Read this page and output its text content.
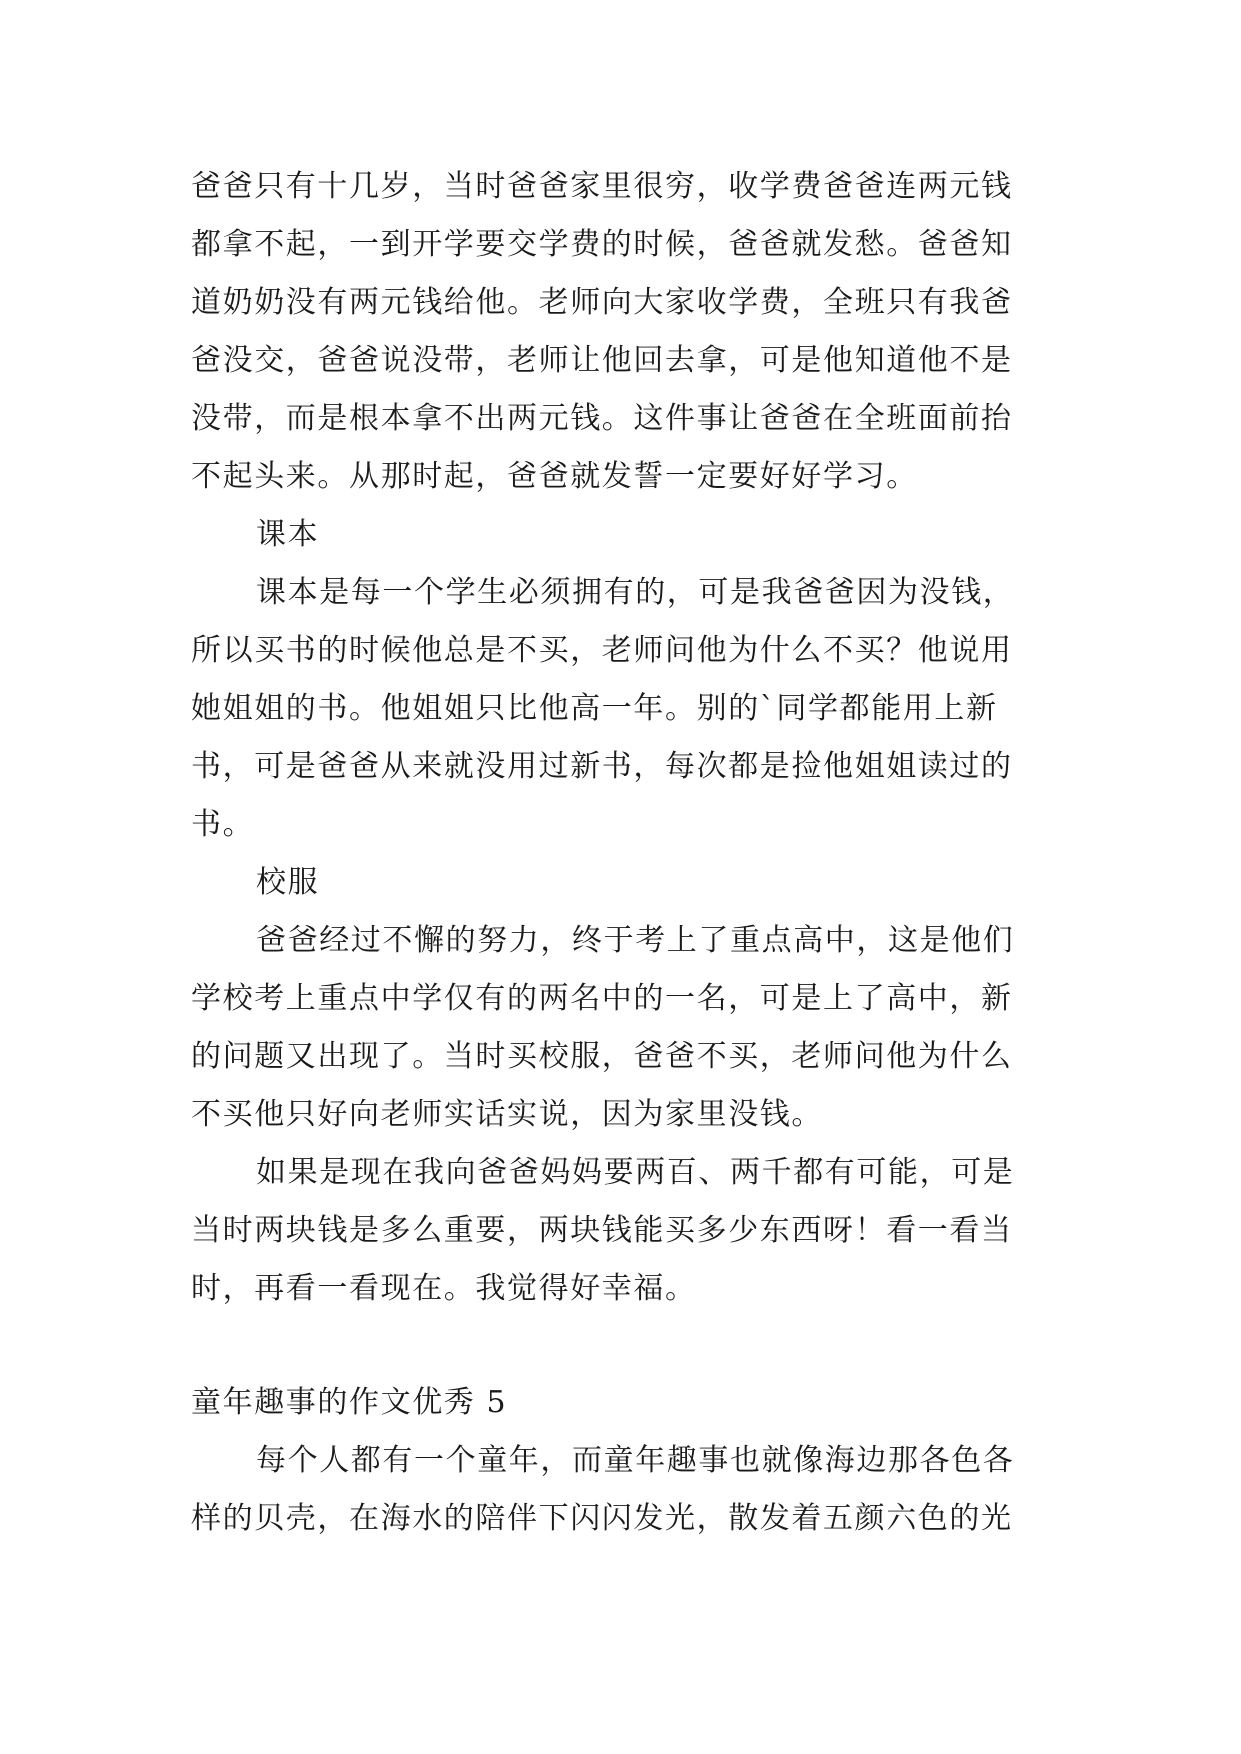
爸爸只有十几岁，当时爸爸家里很穷，收学费爸爸连两元钱
都拿不起，一到开学要交学费的时候，爸爸就发愁。爸爸知
道奶奶没有两元钱给他。老师向大家收学费，全班只有我爸
爸没交，爸爸说没带，老师让他回去拿，可是他知道他不是
没带，而是根本拿不出两元钱。这件事让爸爸在全班面前抬
不起头来。从那时起，爸爸就发誓一定要好好学习。
课本
课本是每一个学生必须拥有的，可是我爸爸因为没钱，
所以买书的时候他总是不买，老师问他为什么不买？他说用
她姐姐的书。他姐姐只比他高一年。别的`同学都能用上新
书，可是爸爸从来就没用过新书，每次都是捡他姐姐读过的
书。
校服
爸爸经过不懈的努力，终于考上了重点高中，这是他们
学校考上重点中学仅有的两名中的一名，可是上了高中，新
的问题又出现了。当时买校服，爸爸不买，老师问他为什么
不买他只好向老师实话实说，因为家里没钱。
如果是现在我向爸爸妈妈要两百、两千都有可能，可是
当时两块钱是多么重要，两块钱能买多少东西呀！看一看当
时，再看一看现在。我觉得好幸福。
童年趣事的作文优秀 5
每个人都有一个童年，而童年趣事也就像海边那各色各
样的贝壳，在海水的陪伴下闪闪发光，散发着五颜六色的光
